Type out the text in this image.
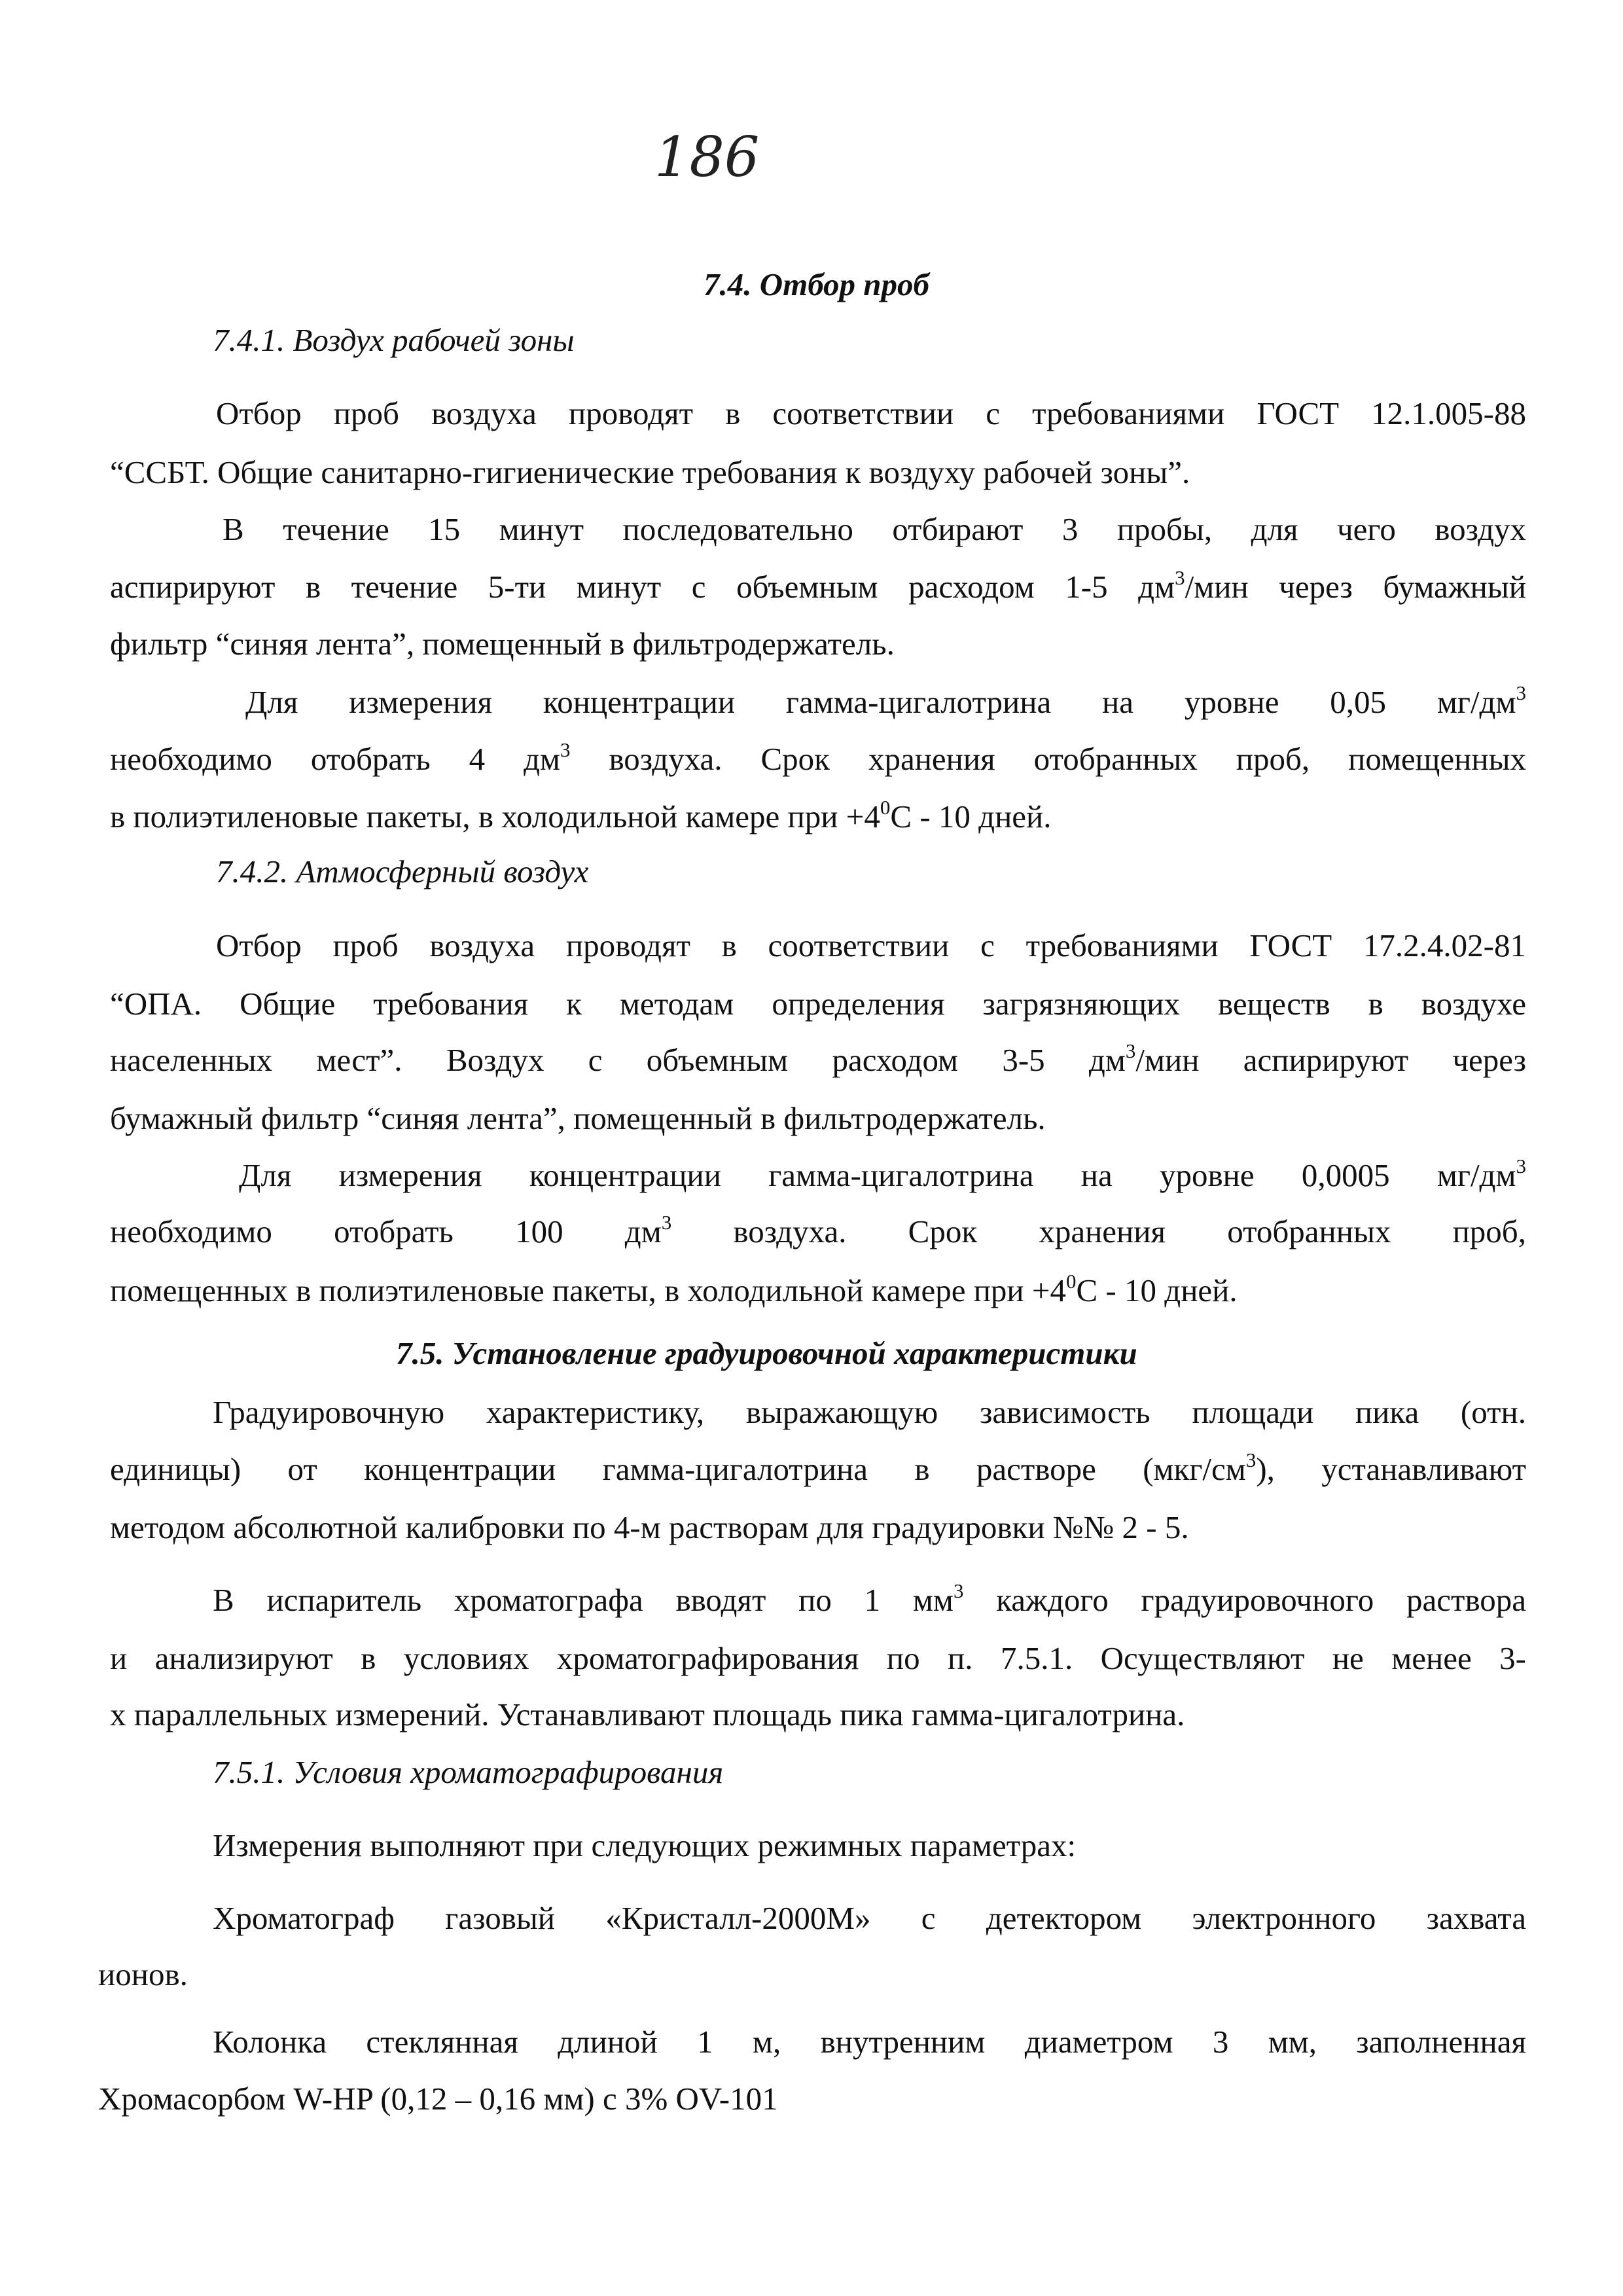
186

7.4. Отбор проб

7.4.1. Воздух рабочей зоны

Отбор проб воздуха проводят в соответствии с требованиями ГОСТ 12.1.005-88

“ССБТ. Общие санитарно-гигиенические требования к воздуху рабочей зоны”.

В течение 15 минут последовательно отбирают 3 пробы, для чего воздух

аспирируют в течение 5-ти минут с объемным расходом 1-5 $дм^3$/мин через бумажный

фильтр “синяя лента”, помещенный в фильтродержатель.

Для измерения концентрации гамма-цигалотрина на уровне 0,05 $мг/дм^3$

необходимо отобрать 4 $дм^3$ воздуха. Срок хранения отобранных проб, помещенных

в полиэтиленовые пакеты, в холодильной камере при $+4^0С - 10$ дней.

7.4.2. Атмосферный воздух

Отбор проб воздуха проводят в соответствии с требованиями ГОСТ 17.2.4.02-81

“ОПА. Общие требования к методам определения загрязняющих веществ в воздухе

населенных мест”. Воздух с объемным расходом 3-5 $дм^3$/мин аспирируют через

бумажный фильтр “синяя лента”, помещенный в фильтродержатель.

Для измерения концентрации гамма-цигалотрина на уровне 0,0005 $мг/дм^3$

необходимо отобрать 100 $дм^3$ воздуха. Срок хранения отобранных проб,

помещенных в полиэтиленовые пакеты, в холодильной камере при $+4^0С - 10$ дней.

7.5. Установление градуировочной характеристики

Градуировочную характеристику, выражающую зависимость площади пика (отн.

единицы) от концентрации гамма-цигалотрина в растворе $(мкг/см^3)$, устанавливают

методом абсолютной калибровки по 4-м растворам для градуировки №№ 2 - 5.

В испаритель хроматографа вводят по 1 $мм^3$ каждого градуировочного раствора

и анализируют в условиях хроматографирования по п. 7.5.1. Осуществляют не менее 3-

х параллельных измерений. Устанавливают площадь пика гамма-цигалотрина.

7.5.1. Условия хроматографирования

Измерения выполняют при следующих режимных параметрах:

Хроматограф газовый «Кристалл-2000М» с детектором электронного захвата

ионов.

Колонка стеклянная длиной 1 м, внутренним диаметром 3 мм, заполненная

Хромасорбом W-HP (0,12 – 0,16 мм) с 3% OV-101
